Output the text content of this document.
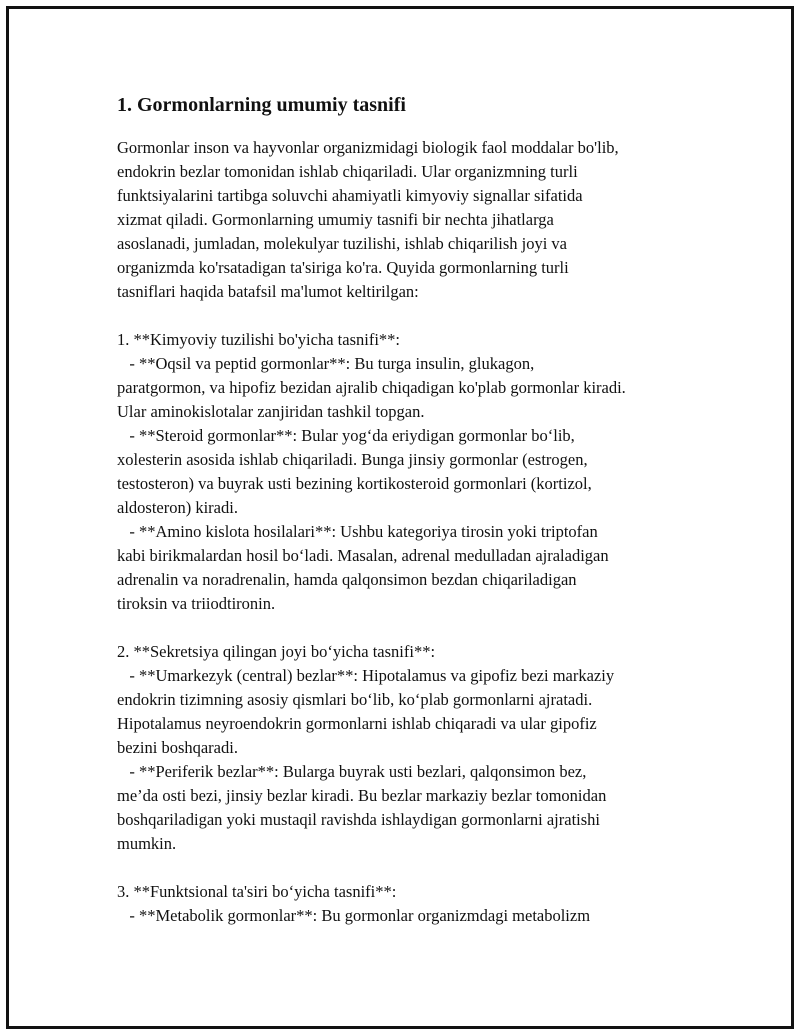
1. Gormonlarning umumiy tasnifi

Gormonlar inson va hayvonlar organizmidagi biologik faol moddalar bo'lib,
endokrin bezlar tomonidan ishlab chiqariladi. Ular organizmning turli
funktsiyalarini tartibga soluvchi ahamiyatli kimyoviy signallar sifatida
xizmat qiladi. Gormonlarning umumiy tasnifi bir nechta jihatlarga
asoslanadi, jumladan, molekulyar tuzilishi, ishlab chiqarilish joyi va
organizmda ko'rsatadigan ta'siriga ko'ra. Quyida gormonlarning turli
tasniflari haqida batafsil ma'lumot keltirilgan:

1. **Kimyoviy tuzilishi bo'yicha tasnifi**:
- **Oqsil va peptid gormonlar**: Bu turga insulin, glukagon,
paratgormon, va hipofiz bezidan ajralib chiqadigan ko'plab gormonlar kiradi.
Ular aminokislotalar zanjiridan tashkil topgan.
- **Steroid gormonlar**: Bular yog‘da eriydigan gormonlar bo‘lib,
xolesterin asosida ishlab chiqariladi. Bunga jinsiy gormonlar (estrogen,
testosteron) va buyrak usti bezining kortikosteroid gormonlari (kortizol,
aldosteron) kiradi.
- **Amino kislota hosilalari**: Ushbu kategoriya tirosin yoki triptofan
kabi birikmalardan hosil bo‘ladi. Masalan, adrenal medulladan ajraladigan
adrenalin va noradrenalin, hamda qalqonsimon bezdan chiqariladigan
tiroksin va triiodtironin.

2. **Sekretsiya qilingan joyi bo‘yicha tasnifi**:
- **Umarkezyk (central) bezlar**: Hipotalamus va gipofiz bezi markaziy
endokrin tizimning asosiy qismlari bo‘lib, ko‘plab gormonlarni ajratadi.
Hipotalamus neyroendokrin gormonlarni ishlab chiqaradi va ular gipofiz
bezini boshqaradi.
- **Periferik bezlar**: Bularga buyrak usti bezlari, qalqonsimon bez,
me’da osti bezi, jinsiy bezlar kiradi. Bu bezlar markaziy bezlar tomonidan
boshqariladigan yoki mustaqil ravishda ishlaydigan gormonlarni ajratishi
mumkin.

3. **Funktsional ta'siri bo‘yicha tasnifi**:
- **Metabolik gormonlar**: Bu gormonlar organizmdagi metabolizm
